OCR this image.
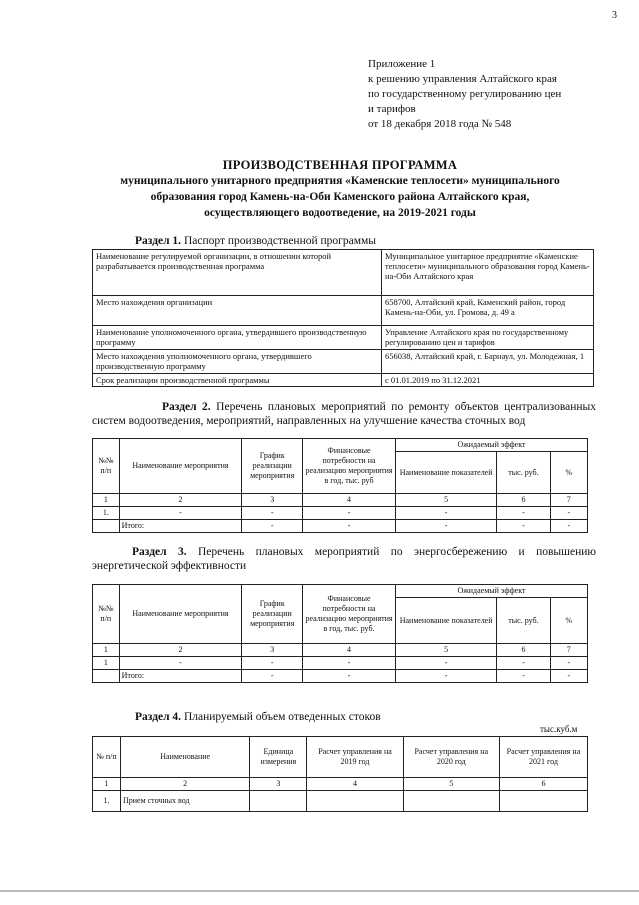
3
Приложение 1
к решению управления Алтайского края
по государственному регулированию цен
и тарифов
от 18 декабря 2018 года № 548
ПРОИЗВОДСТВЕННАЯ ПРОГРАММА
муниципального унитарного предприятия «Каменские теплосети» муниципального
образования город Камень-на-Оби Каменского района Алтайского края,
осуществляющего водоотведение, на 2019-2021 годы
Раздел 1. Паспорт производственной программы
Наименование регулируемой организации, в отношении которой разрабатывается производственная программа	Муниципальное унитарное предприятие «Каменские теплосети» муниципального образования город Камень-на-Оби Алтайского края
Место нахождения организации	658700, Алтайский край, Каменский район, город Камень-на-Оби, ул. Громова, д. 49 а
Наименование уполномоченного органа, утвердившего производственную программу	Управление Алтайского края по государственному регулированию цен и тарифов
Место нахождения уполномоченного органа, утвердившего производственную программу	656038, Алтайский край, г. Барнаул, ул. Молодежная, 1
Срок реализации производственной программы	с 01.01.2019 по 31.12.2021
Раздел 2. Перечень плановых мероприятий по ремонту объектов централизованных систем водоотведения, мероприятий, направленных на улучшение качества сточных вод
№№ п/п	Наименование мероприятия	График реализации мероприятия	Финансовые потребности на реализацию мероприятия в год, тыс. руб	Ожидаемый эффект		
				Наименование показателей	тыс. руб.	%
1	2	3	4	5	6	7
1.	-	-	-	-	-	-
	Итого:	-	-	-	-	-
Раздел 3. Перечень плановых мероприятий по энергосбережению и повышению энергетической эффективности
№№ п/п	Наименование мероприятия	График реализации мероприятия	Финансовые потребности на реализацию мероприятия в год, тыс. руб.	Ожидаемый эффект		
				Наименование показателей	тыс. руб.	%
1	2	3	4	5	6	7
1	-	-	-	-	-	-
	Итого:	-	-	-	-	-
Раздел 4. Планируемый объем отведенных стоков
тыс.куб.м
№ п/п	Наименование	Единица измерения	Расчет управления на 2019 год	Расчет управления на 2020 год	Расчет управления на 2021 год
1	2	3	4	5	6
1.	Прием сточных вод				
